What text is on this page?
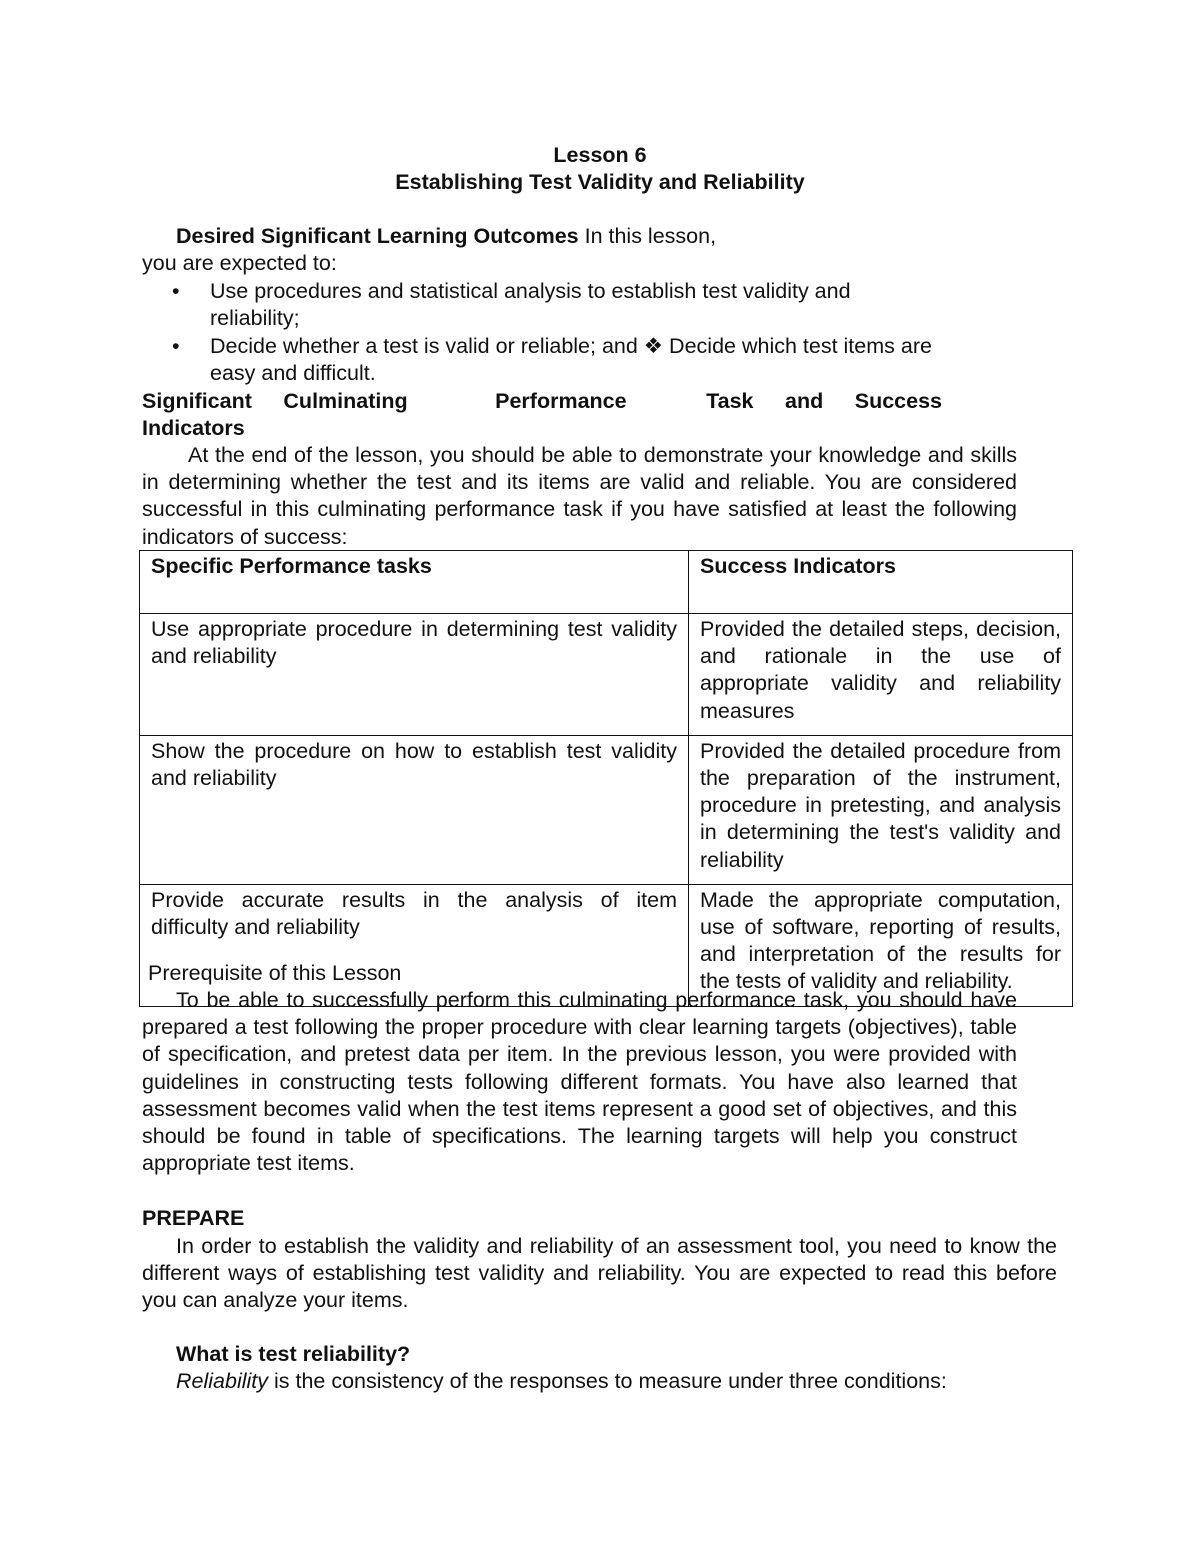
Lesson 6
Establishing Test Validity and Reliability
Desired Significant Learning Outcomes In this lesson,
you are expected to:
• Use procedures and statistical analysis to establish test validity and reliability;
• Decide whether a test is valid or reliable; and ❖ Decide which test items are easy and difficult.
Significant Culminating	Performance	Task and Success
Indicators
At the end of the lesson, you should be able to demonstrate your knowledge and skills in determining whether the test and its items are valid and reliable. You are considered successful in this culminating performance task if you have satisfied at least the following indicators of success:
Specific Performance tasks	Success Indicators
Use appropriate procedure in determining test validity and reliability	Provided the detailed steps, decision, and rationale in the use of appropriate validity and reliability measures
Show the procedure on how to establish test validity and reliability	Provided the detailed procedure from the preparation of the instrument, procedure in pretesting, and analysis in determining the test's validity and reliability
Provide accurate results in the analysis of item difficulty and reliability	Made the appropriate computation, use of software, reporting of results, and interpretation of the results for the tests of validity and reliability.
Prerequisite of this Lesson
To be able to successfully perform this culminating performance task, you should have prepared a test following the proper procedure with clear learning targets (objectives), table of specification, and pretest data per item. In the previous lesson, you were provided with guidelines in constructing tests following different formats. You have also learned that assessment becomes valid when the test items represent a good set of objectives, and this should be found in table of specifications. The learning targets will help you construct appropriate test items.
PREPARE
In order to establish the validity and reliability of an assessment tool, you need to know the different ways of establishing test validity and reliability. You are expected to read this before you can analyze your items.
What is test reliability?
Reliability is the consistency of the responses to measure under three conditions:
